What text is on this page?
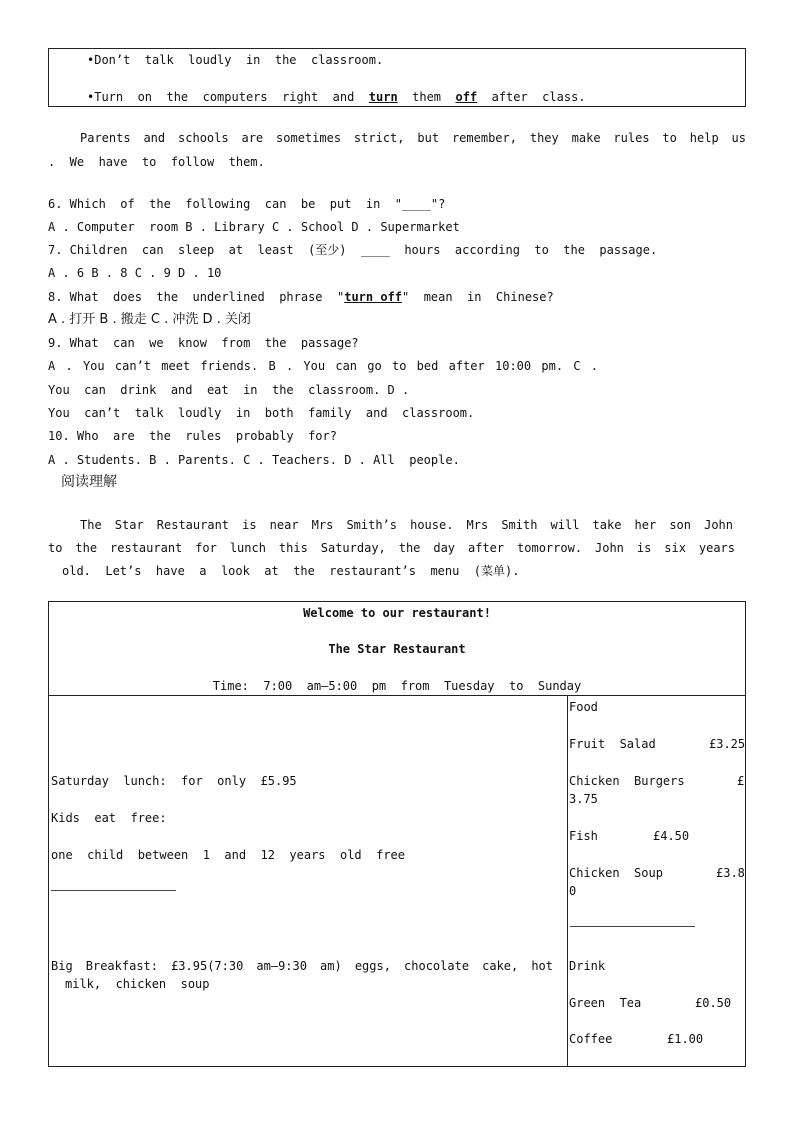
•Don’t  talk  loudly  in  the  classroom.
•Turn  on  the  computers  right  and  turn  them  off  after  class.
Parents and schools are sometimes strict, but remember, they make rules to help us
.  We  have  to  follow  them.
6. Which  of  the  following  can  be  put  in  "____"?
A . Computer  room B . Library C . School D . Supermarket
7. Children  can  sleep  at  least  (至少)  ____  hours  according  to  the  passage.
A . 6 B . 8 C . 9 D . 10
8. What  does  the  underlined  phrase  "turn off"  mean  in  Chinese?
A . 打开 B . 搬走 C . 冲洗 D . 关闭
9. What  can  we  know  from  the  passage?
A . You can’t meet friends. B . You can go to bed after 10:00 pm. C .
You  can  drink  and  eat  in  the  classroom. D .
You  can’t  talk  loudly  in  both  family  and  classroom.
10. Who  are  the  rules  probably  for?
A . Students. B . Parents. C . Teachers. D . All  people.
阅读理解
The Star Restaurant is near Mrs Smith’s house. Mrs Smith will take her son John
to the restaurant for lunch this Saturday, the day after tomorrow. John is six years
old.  Let’s  have  a  look  at  the  restaurant’s  menu  (菜单).
Welcome to our restaurant!
The Star Restaurant
Time:  7:00  am—5:00  pm  from  Tuesday  to  Sunday
Saturday  lunch:  for  only  £5.95
Kids  eat  free:
one  child  between  1  and  12  years  old  free
Big Breakfast: £3.95(7:30 am—9:30 am) eggs, chocolate cake, hot
milk,  chicken  soup
Food
Fruit  Salad	£3.25
Chicken  Burgers	£
3.75
Fish	£4.50
Chicken  Soup	£3.8
0
Drink
Green  Tea	£0.50
Coffee	£1.00
